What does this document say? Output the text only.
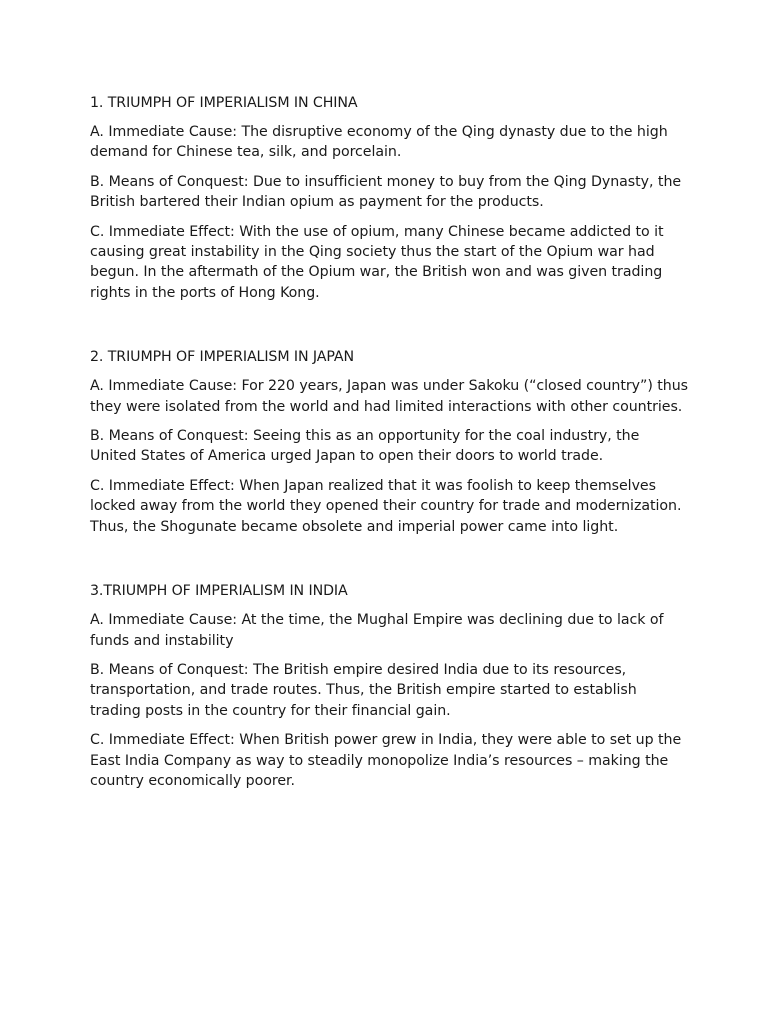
1. TRIUMPH OF IMPERIALISM IN CHINA

A. Immediate Cause: The disruptive economy of the Qing dynasty due to the high demand for Chinese tea, silk, and porcelain.

B. Means of Conquest: Due to insufficient money to buy from the Qing Dynasty, the British bartered their Indian opium as payment for the products.

C. Immediate Effect: With the use of opium, many Chinese became addicted to it causing great instability in the Qing society thus the start of the Opium war had begun. In the aftermath of the Opium war, the British won and was given trading rights in the ports of Hong Kong.

2. TRIUMPH OF IMPERIALISM IN JAPAN

A. Immediate Cause: For 220 years, Japan was under Sakoku (“closed country”) thus they were isolated from the world and had limited interactions with other countries.

B. Means of Conquest: Seeing this as an opportunity for the coal industry, the United States of America urged Japan to open their doors to world trade.

C. Immediate Effect: When Japan realized that it was foolish to keep themselves locked away from the world they opened their country for trade and modernization. Thus, the Shogunate became obsolete and imperial power came into light.

3.TRIUMPH OF IMPERIALISM IN INDIA

A. Immediate Cause: At the time, the Mughal Empire was declining due to lack of funds and instability

B. Means of Conquest: The British empire desired India due to its resources, transportation, and trade routes. Thus, the British empire started to establish trading posts in the country for their financial gain.

C. Immediate Effect: When British power grew in India, they were able to set up the East India Company as way to steadily monopolize India’s resources – making the country economically poorer.
